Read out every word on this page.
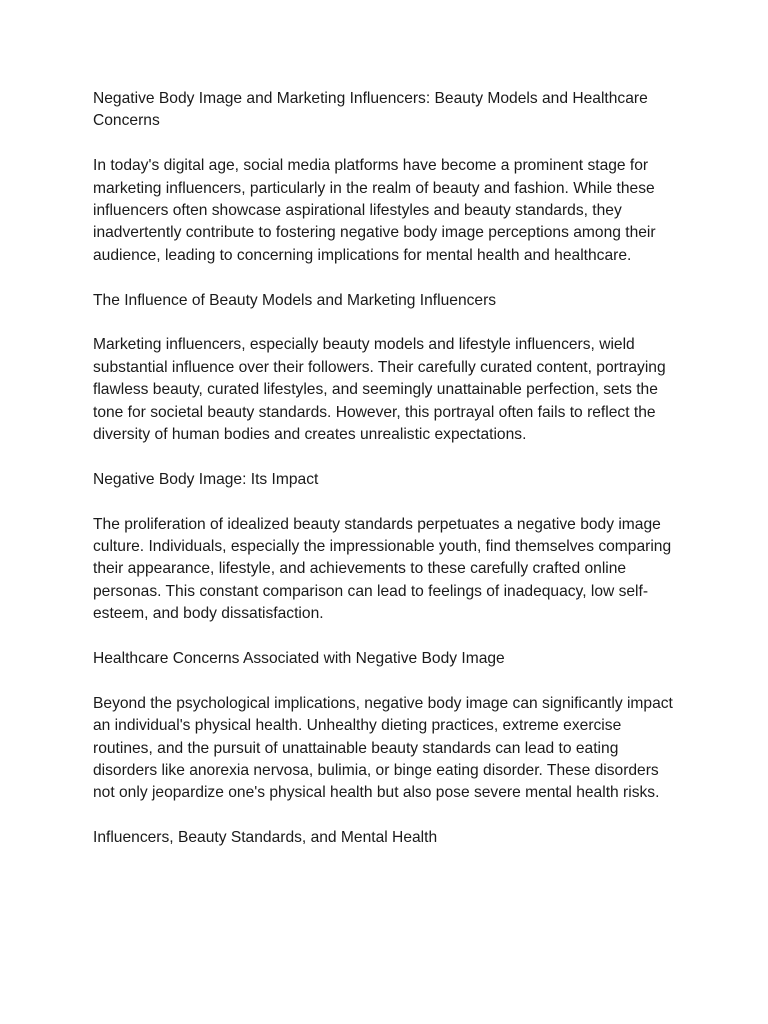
Negative Body Image and Marketing Influencers: Beauty Models and Healthcare Concerns

In today's digital age, social media platforms have become a prominent stage for marketing influencers, particularly in the realm of beauty and fashion. While these influencers often showcase aspirational lifestyles and beauty standards, they inadvertently contribute to fostering negative body image perceptions among their audience, leading to concerning implications for mental health and healthcare.

The Influence of Beauty Models and Marketing Influencers

Marketing influencers, especially beauty models and lifestyle influencers, wield substantial influence over their followers. Their carefully curated content, portraying flawless beauty, curated lifestyles, and seemingly unattainable perfection, sets the tone for societal beauty standards. However, this portrayal often fails to reflect the diversity of human bodies and creates unrealistic expectations.

Negative Body Image: Its Impact

The proliferation of idealized beauty standards perpetuates a negative body image culture. Individuals, especially the impressionable youth, find themselves comparing their appearance, lifestyle, and achievements to these carefully crafted online personas. This constant comparison can lead to feelings of inadequacy, low self-esteem, and body dissatisfaction.

Healthcare Concerns Associated with Negative Body Image

Beyond the psychological implications, negative body image can significantly impact an individual's physical health. Unhealthy dieting practices, extreme exercise routines, and the pursuit of unattainable beauty standards can lead to eating disorders like anorexia nervosa, bulimia, or binge eating disorder. These disorders not only jeopardize one's physical health but also pose severe mental health risks.

Influencers, Beauty Standards, and Mental Health
